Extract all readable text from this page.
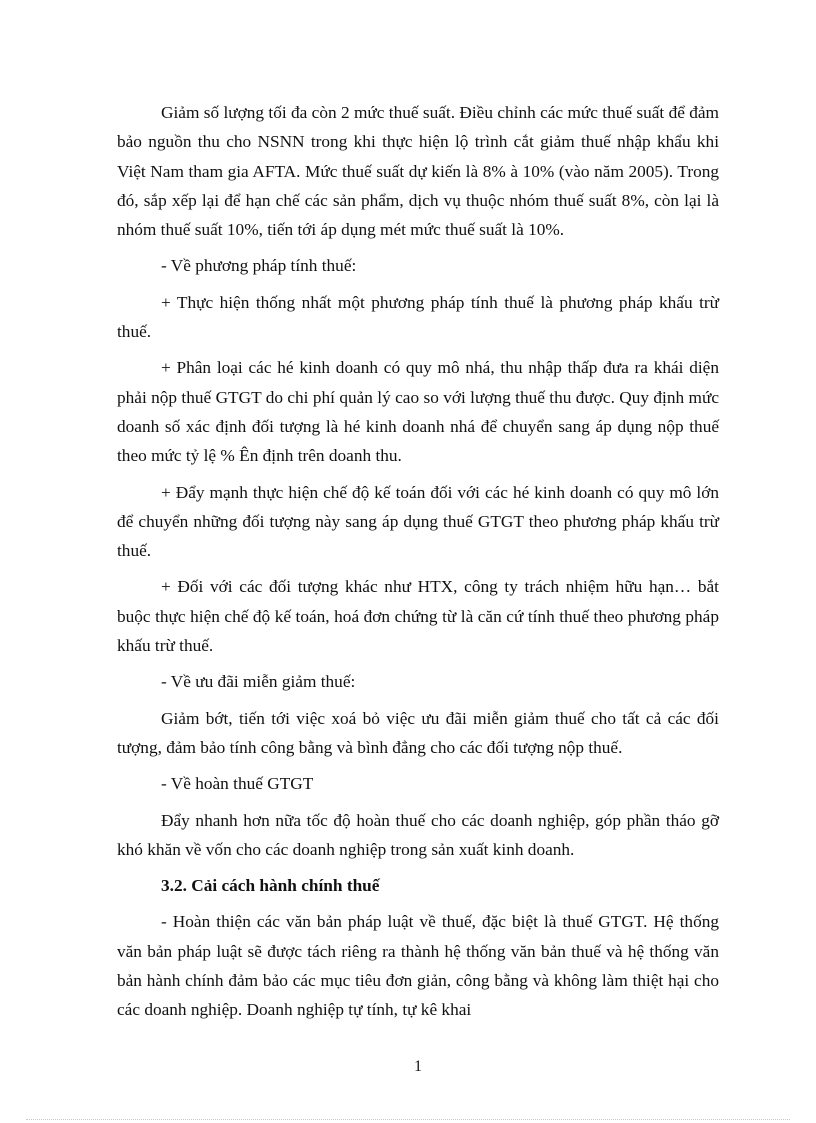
Giảm số lượng tối đa còn 2 mức thuế suất. Điều chỉnh các mức thuế suất để đảm bảo nguồn thu cho NSNN trong khi thực hiện lộ trình cắt giảm thuế nhập khẩu khi Việt Nam tham gia AFTA. Mức thuế suất dự kiến là 8% à 10% (vào năm 2005). Trong đó, sắp xếp lại để hạn chế các sản phẩm, dịch vụ thuộc nhóm thuế suất 8%, còn lại là nhóm thuế suất 10%, tiến tới áp dụng mét mức thuế suất là 10%.

- Về phương pháp tính thuế:

+ Thực hiện thống nhất một phương pháp tính thuế là phương pháp khấu trừ thuế.

+ Phân loại các hé kinh doanh có quy mô nhá, thu nhập thấp đưa ra khái diện phải nộp thuế GTGT do chi phí quản lý cao so với lượng thuế thu được. Quy định mức doanh số xác định đối tượng là hé kinh doanh nhá để chuyển sang áp dụng nộp thuế theo mức tỷ lệ % Ên định trên doanh thu.

+ Đẩy mạnh thực hiện chế độ kế toán đối với các hé kinh doanh có quy mô lớn để chuyển những đối tượng này sang áp dụng thuế GTGT theo phương pháp khấu trừ thuế.

+ Đối với các đối tượng khác như HTX, công ty trách nhiệm hữu hạn… bắt buộc thực hiện chế độ kế toán, hoá đơn chứng từ là căn cứ tính thuế theo phương pháp khấu trừ thuế.

- Về ưu đãi miễn giảm thuế:

Giảm bớt, tiến tới việc xoá bỏ việc ưu đãi miễn giảm thuế cho tất cả các đối tượng, đảm bảo tính công bằng và bình đẳng cho các đối tượng nộp thuế.

- Về hoàn thuế GTGT

Đẩy nhanh hơn nữa tốc độ hoàn thuế cho các doanh nghiệp, góp phần tháo gỡ khó khăn về vốn cho các doanh nghiệp trong sản xuất kinh doanh.

3.2. Cải cách hành chính thuế

- Hoàn thiện các văn bản pháp luật về thuế, đặc biệt là thuế GTGT. Hệ thống văn bản pháp luật sẽ được tách riêng ra thành hệ thống văn bản thuế và hệ thống văn bản hành chính đảm bảo các mục tiêu đơn giản, công bằng và không làm thiệt hại cho các doanh nghiệp. Doanh nghiệp tự tính, tự kê khai

1
